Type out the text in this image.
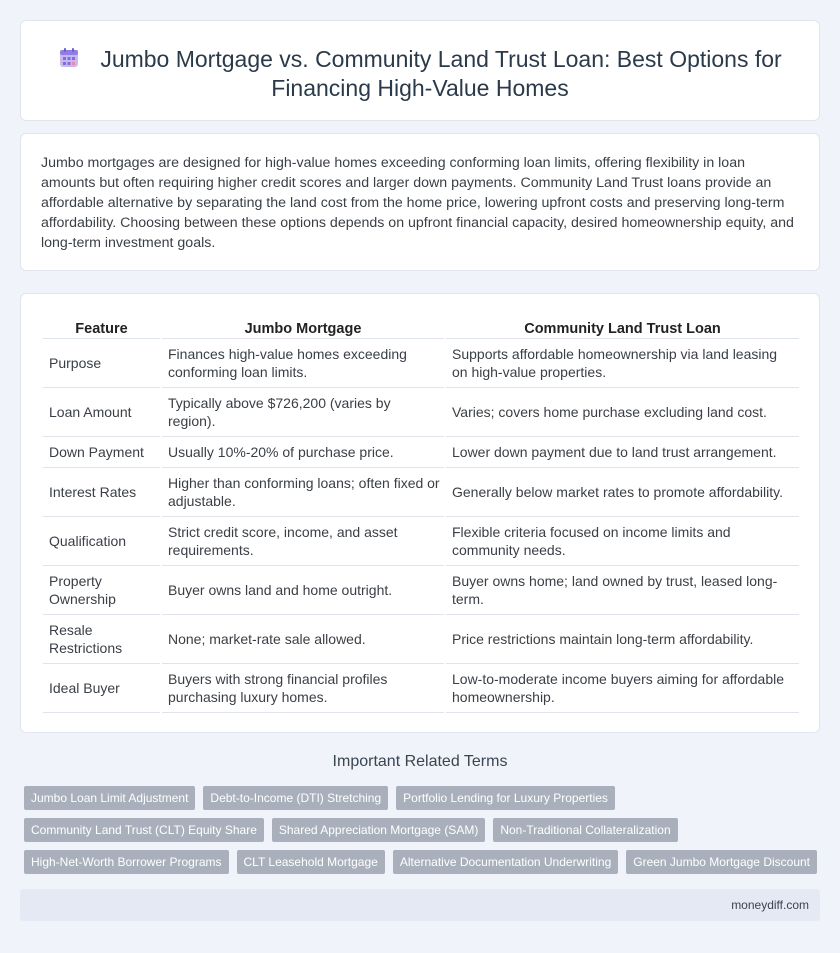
Jumbo Mortgage vs. Community Land Trust Loan: Best Options for Financing High-Value Homes

Jumbo mortgages are designed for high-value homes exceeding conforming loan limits, offering flexibility in loan amounts but often requiring higher credit scores and larger down payments. Community Land Trust loans provide an affordable alternative by separating the land cost from the home price, lowering upfront costs and preserving long-term affordability. Choosing between these options depends on upfront financial capacity, desired homeownership equity, and long-term investment goals.

Feature	Jumbo Mortgage	Community Land Trust Loan
Purpose	Finances high-value homes exceeding conforming loan limits.	Supports affordable homeownership via land leasing on high-value properties.
Loan Amount	Typically above $726,200 (varies by region).	Varies; covers home purchase excluding land cost.
Down Payment	Usually 10%-20% of purchase price.	Lower down payment due to land trust arrangement.
Interest Rates	Higher than conforming loans; often fixed or adjustable.	Generally below market rates to promote affordability.
Qualification	Strict credit score, income, and asset requirements.	Flexible criteria focused on income limits and community needs.
Property Ownership	Buyer owns land and home outright.	Buyer owns home; land owned by trust, leased long-term.
Resale Restrictions	None; market-rate sale allowed.	Price restrictions maintain long-term affordability.
Ideal Buyer	Buyers with strong financial profiles purchasing luxury homes.	Low-to-moderate income buyers aiming for affordable homeownership.
Important Related Terms
Jumbo Loan Limit Adjustment	Debt-to-Income (DTI) Stretching	Portfolio Lending for Luxury Properties
Community Land Trust (CLT) Equity Share	Shared Appreciation Mortgage (SAM)	Non-Traditional Collateralization
High-Net-Worth Borrower Programs	CLT Leasehold Mortgage	Alternative Documentation Underwriting	Green Jumbo Mortgage Discount
moneydiff.com
